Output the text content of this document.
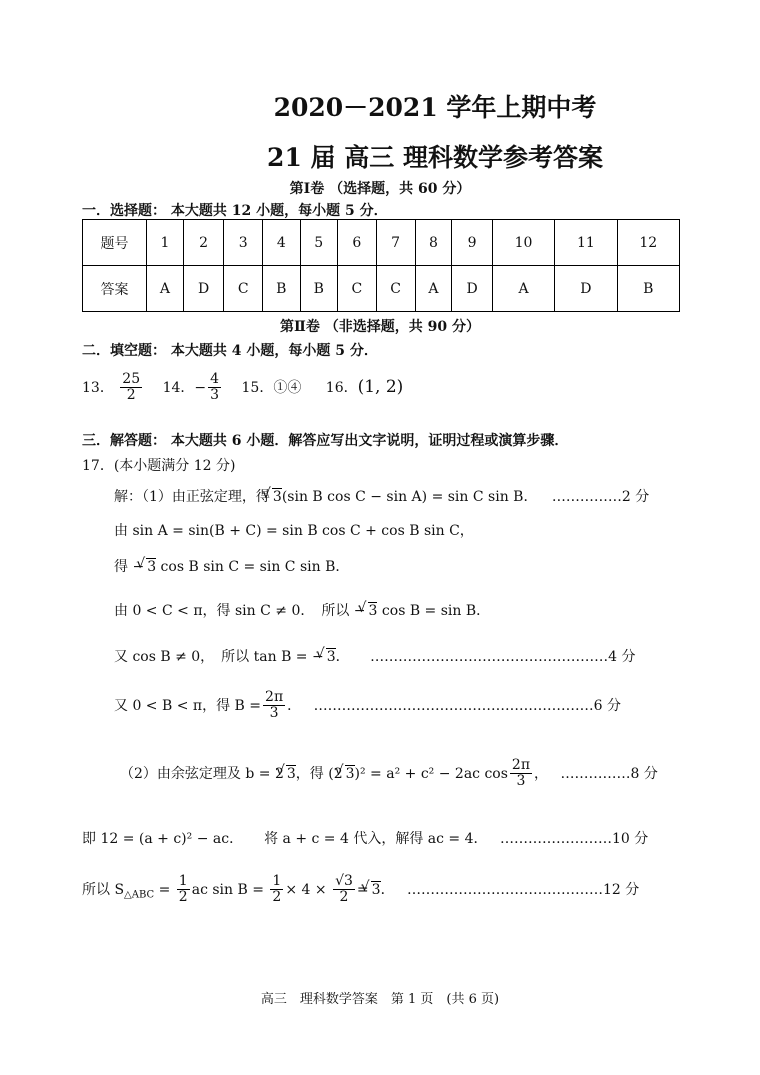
2020－2021 学年上期中考
21 届 高三 理科数学参考答案
第Ⅰ卷 （选择题，共 60 分）
一．选择题： 本大题共 12 小题，每小题 5 分．
题号	1	2	3	4	5	6	7	8	9	10	11	12
答案	A	D	C	B	B	C	C	A	D	A	D	B
第Ⅱ卷 （非选择题，共 90 分）
二．填空题： 本大题共 4 小题，每小题 5 分．
13． $\frac{25}{2} 14$．− $\frac{4}{3} 15$．①④ 16．(1, 2)
三．解答题： 本大题共 6 小题．解答应写出文字说明，证明过程或演算步骤．
17．(本小题满分 12 分)
解：（1）由正弦定理，得 √ 3(sin B cos C − sin A) = sin C sin B． ……………2 分
由 sin A = sin(B + C) = sin B cos C + cos B sin C，
得 − √ 3 cos B sin C = sin C sin B．
由 0 < C < π，得 sin C ≠ 0．　所以 − √ 3 cos B = sin B．
又 cos B ≠ 0，　所以 tan B = − √ 3． ……………………………………………4 分
又 0 < B < π，得 $B = \frac{2\pi}{3}$ ． ……………………………………………………6 分
（2）由余弦定理及 b = 2 √ 3，得 (2 √ 3)² = a² + c² − 2ac $\cos \frac{2\pi}{3}$ ， ……………8 分
即 12 = (a + c)² − ac．　　将 a + c = 4 代入，解得 ac = 4． ……………………10 分
所以 $S_{\triangle ABC} = \frac{1}{2}$ ac $\sin B = \frac{1}{2} \times 4 \times \frac{√3}{2}$ = √ 3． ……………………………………12 分
高三　理科数学答案　第 1 页　(共 6 页)
